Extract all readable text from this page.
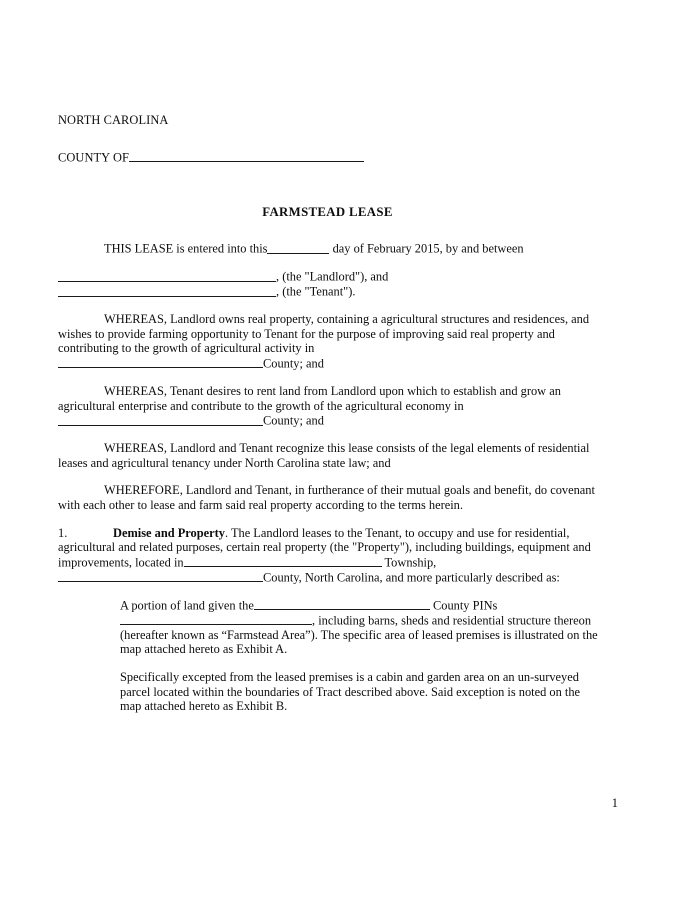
NORTH CAROLINA
COUNTY OF
FARMSTEAD LEASE

THIS LEASE is entered into this	day of February 2015, by and between

, (the "Landlord"), and

, (the "Tenant").

WHEREAS, Landlord owns real property, containing a agricultural structures and residences, and wishes to provide farming opportunity to Tenant for the purpose of improving said real property and contributing to the growth of agricultural activity in
County; and

WHEREAS, Tenant desires to rent land from Landlord upon which to establish and grow an agricultural enterprise and contribute to the growth of the agricultural economy in
County; and

WHEREAS, Landlord and Tenant recognize this lease consists of the legal elements of residential leases and agricultural tenancy under North Carolina state law; and

WHEREFORE, Landlord and Tenant, in furtherance of their mutual goals and benefit, do covenant with each other to lease and farm said real property according to the terms herein.

1.	Demise and Property. The Landlord leases to the Tenant, to occupy and use for residential, agricultural and related purposes, certain real property (the "Property"), including buildings, equipment and improvements, located in	Township,
County, North Carolina, and more particularly described as:

A portion of land given the	County PINs, including barns, sheds and residential structure thereon (hereafter known as “Farmstead Area”). The specific area of leased premises is illustrated on the map attached hereto as Exhibit A.

Specifically excepted from the leased premises is a cabin and garden area on an un-surveyed parcel located within the boundaries of Tract described above. Said exception is noted on the map attached hereto as Exhibit B.

1
